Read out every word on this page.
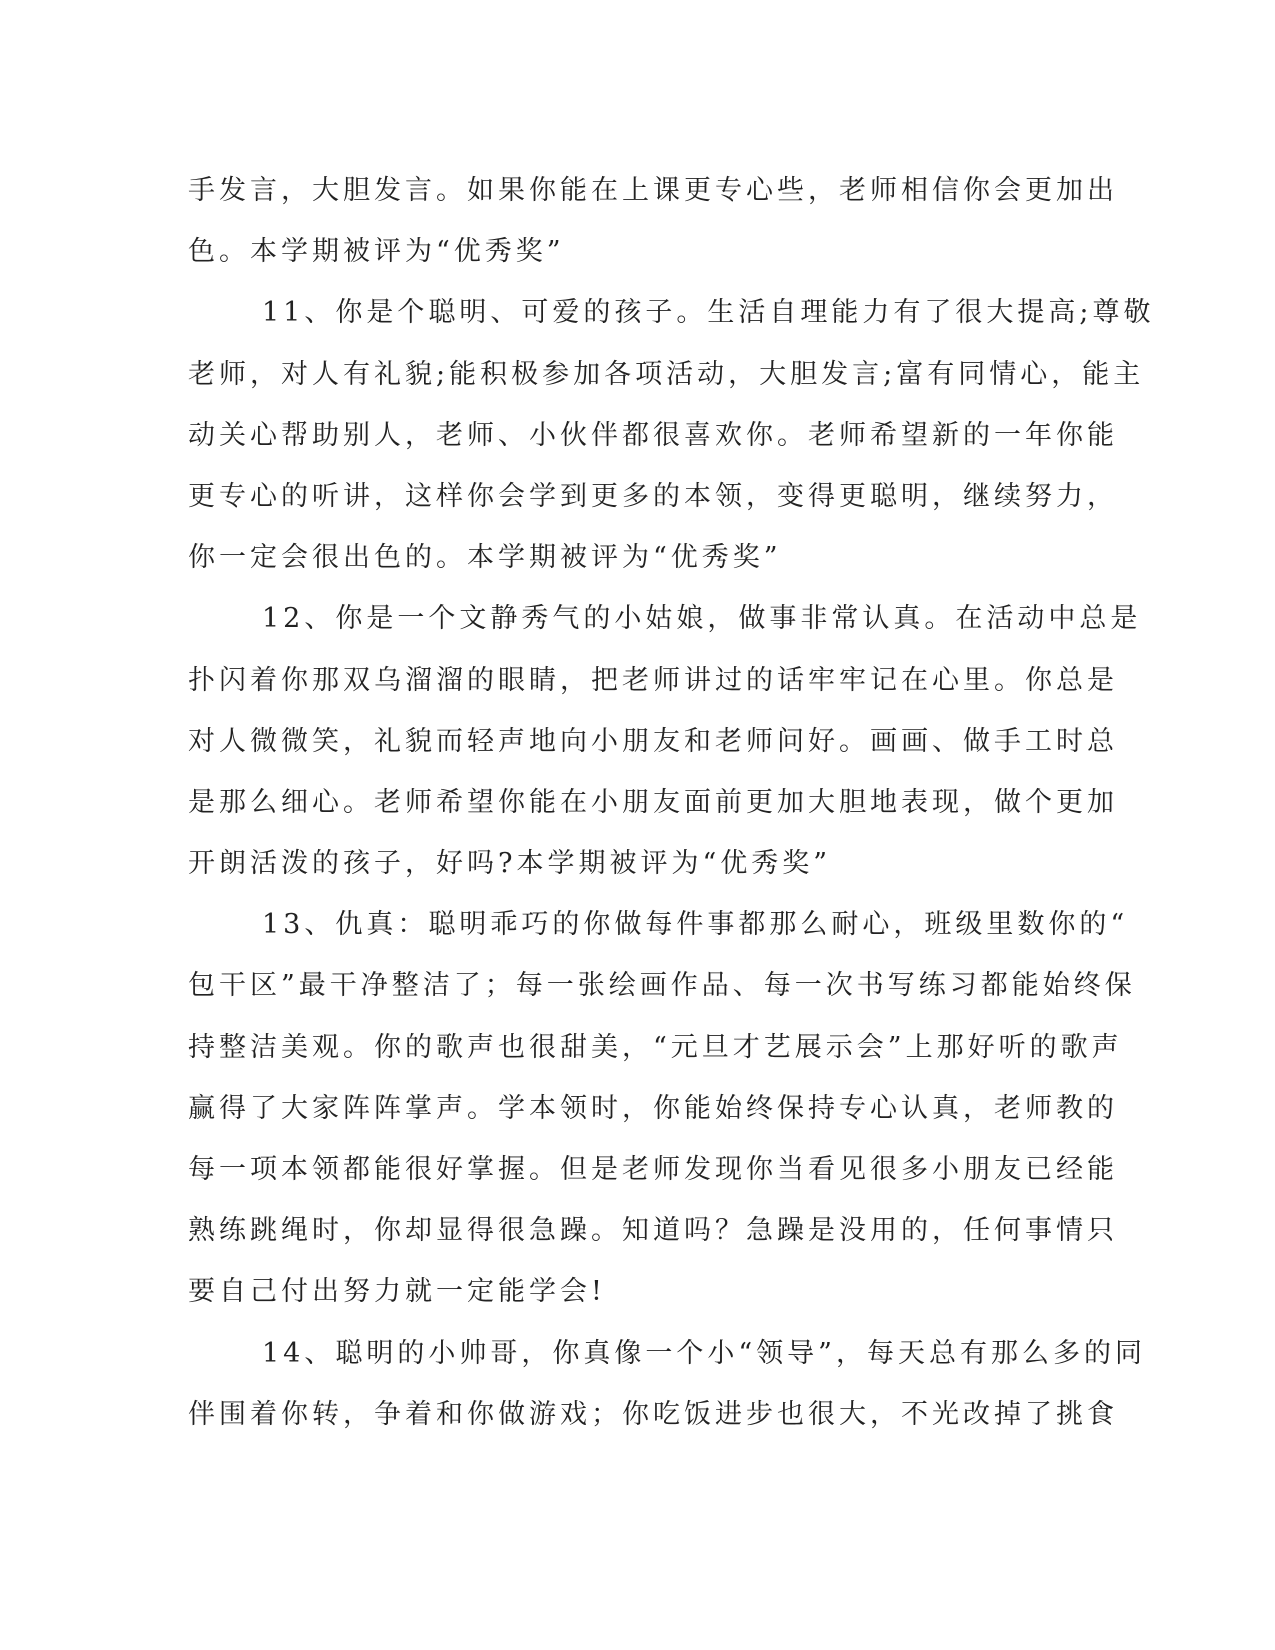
手发言，大胆发言。如果你能在上课更专心些，老师相信你会更加出
色。本学期被评为“优秀奖”
11、你是个聪明、可爱的孩子。生活自理能力有了很大提高;尊敬
老师，对人有礼貌;能积极参加各项活动，大胆发言;富有同情心，能主
动关心帮助别人，老师、小伙伴都很喜欢你。老师希望新的一年你能
更专心的听讲，这样你会学到更多的本领，变得更聪明，继续努力，
你一定会很出色的。本学期被评为“优秀奖”
12、你是一个文静秀气的小姑娘，做事非常认真。在活动中总是
扑闪着你那双乌溜溜的眼睛，把老师讲过的话牢牢记在心里。你总是
对人微微笑，礼貌而轻声地向小朋友和老师问好。画画、做手工时总
是那么细心。老师希望你能在小朋友面前更加大胆地表现，做个更加
开朗活泼的孩子，好吗?本学期被评为“优秀奖”
13、仇真：聪明乖巧的你做每件事都那么耐心，班级里数你的“
包干区”最干净整洁了；每一张绘画作品、每一次书写练习都能始终保
持整洁美观。你的歌声也很甜美，“元旦才艺展示会”上那好听的歌声
赢得了大家阵阵掌声。学本领时，你能始终保持专心认真，老师教的
每一项本领都能很好掌握。但是老师发现你当看见很多小朋友已经能
熟练跳绳时，你却显得很急躁。知道吗？急躁是没用的，任何事情只
要自己付出努力就一定能学会!
14、聪明的小帅哥，你真像一个小“领导”，每天总有那么多的同
伴围着你转，争着和你做游戏；你吃饭进步也很大，不光改掉了挑食
